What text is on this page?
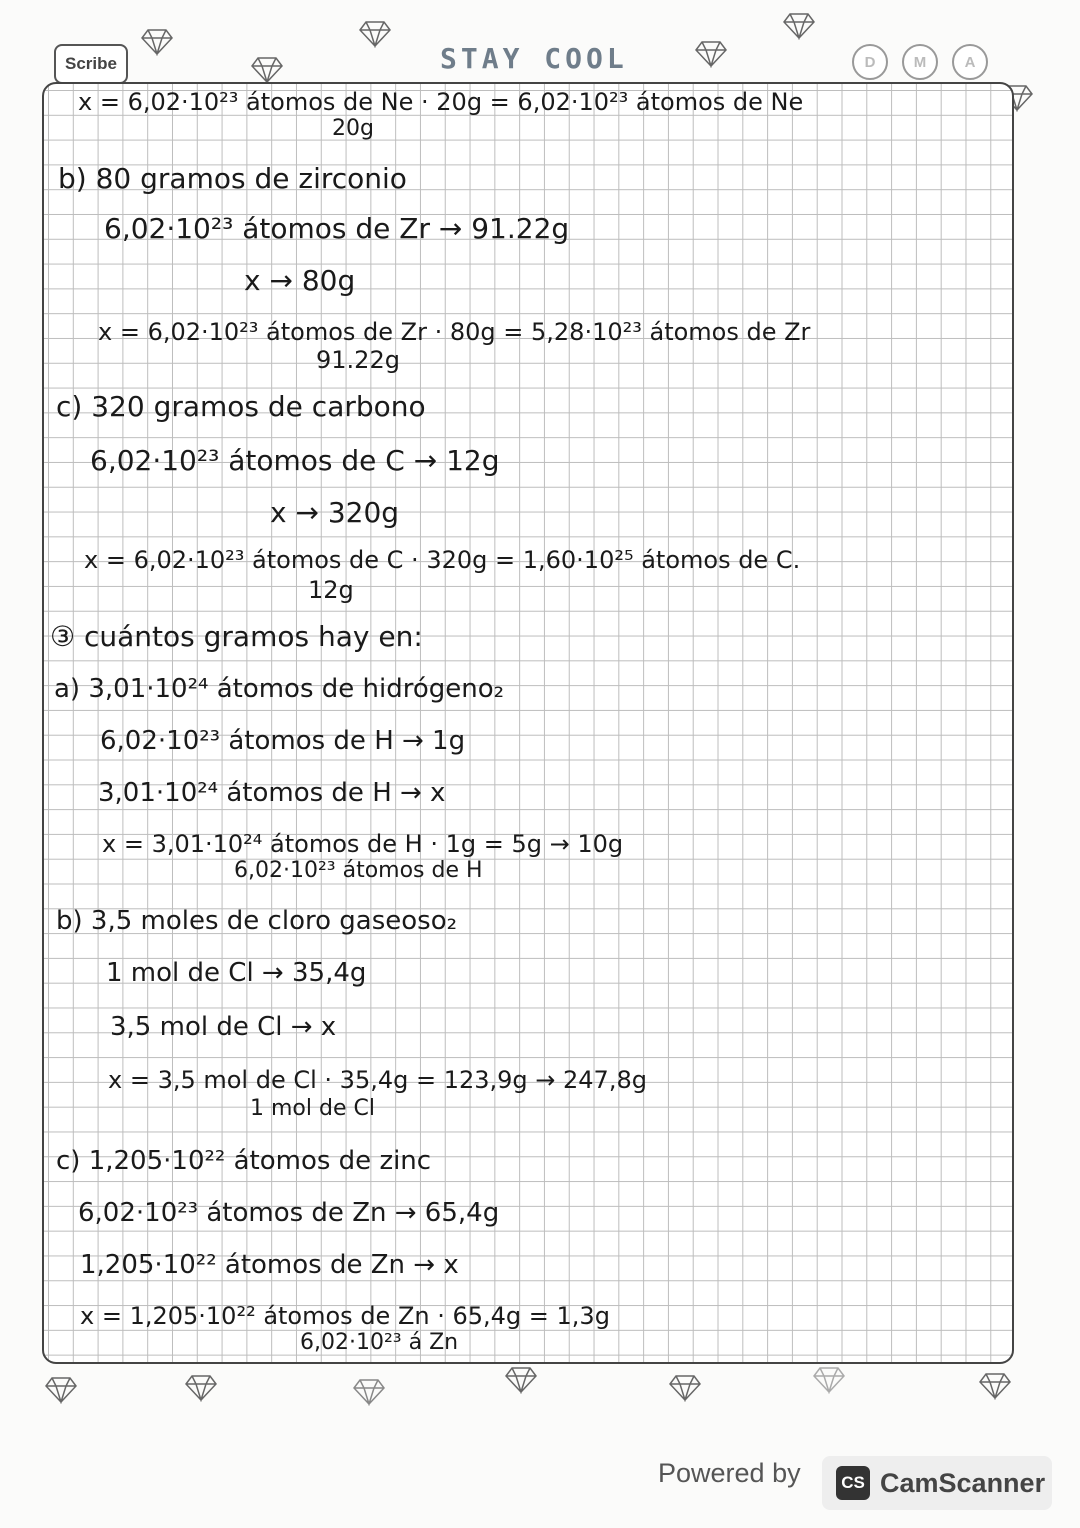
Scribe	STAY COOL	D	M	A
x = 6,02·10²³ átomos de Ne · 20g = 6,02·10²³ átomos de Ne
20g
b) 80 gramos de zirconio
6,02·10²³ átomos de Zr → 91.22g
x → 80g
x = 6,02·10²³ átomos de Zr · 80g = 5,28·10²³ átomos de Zr
91.22g
c) 320 gramos de carbono
6,02·10²³ átomos de C → 12g
x → 320g
x = 6,02·10²³ átomos de C · 320g = 1,60·10²⁵ átomos de C.
12g
③ cuántos gramos hay en:
a) 3,01·10²⁴ átomos de hidrógeno₂
6,02·10²³ átomos de H → 1g
3,01·10²⁴ átomos de H → x
x = 3,01·10²⁴ átomos de H · 1g = 5g → 10g
6,02·10²³ átomos de H
b) 3,5 moles de cloro gaseoso₂
1 mol de Cl → 35,4g
3,5 mol de Cl → x
x = 3,5 mol de Cl · 35,4g = 123,9g → 247,8g
1 mol de Cl
c) 1,205·10²² átomos de zinc
6,02·10²³ átomos de Zn → 65,4g
1,205·10²² átomos de Zn → x
x = 1,205·10²² átomos de Zn · 65,4g = 1,3g
6,02·10²³ á Zn
Powered by CS CamScanner
